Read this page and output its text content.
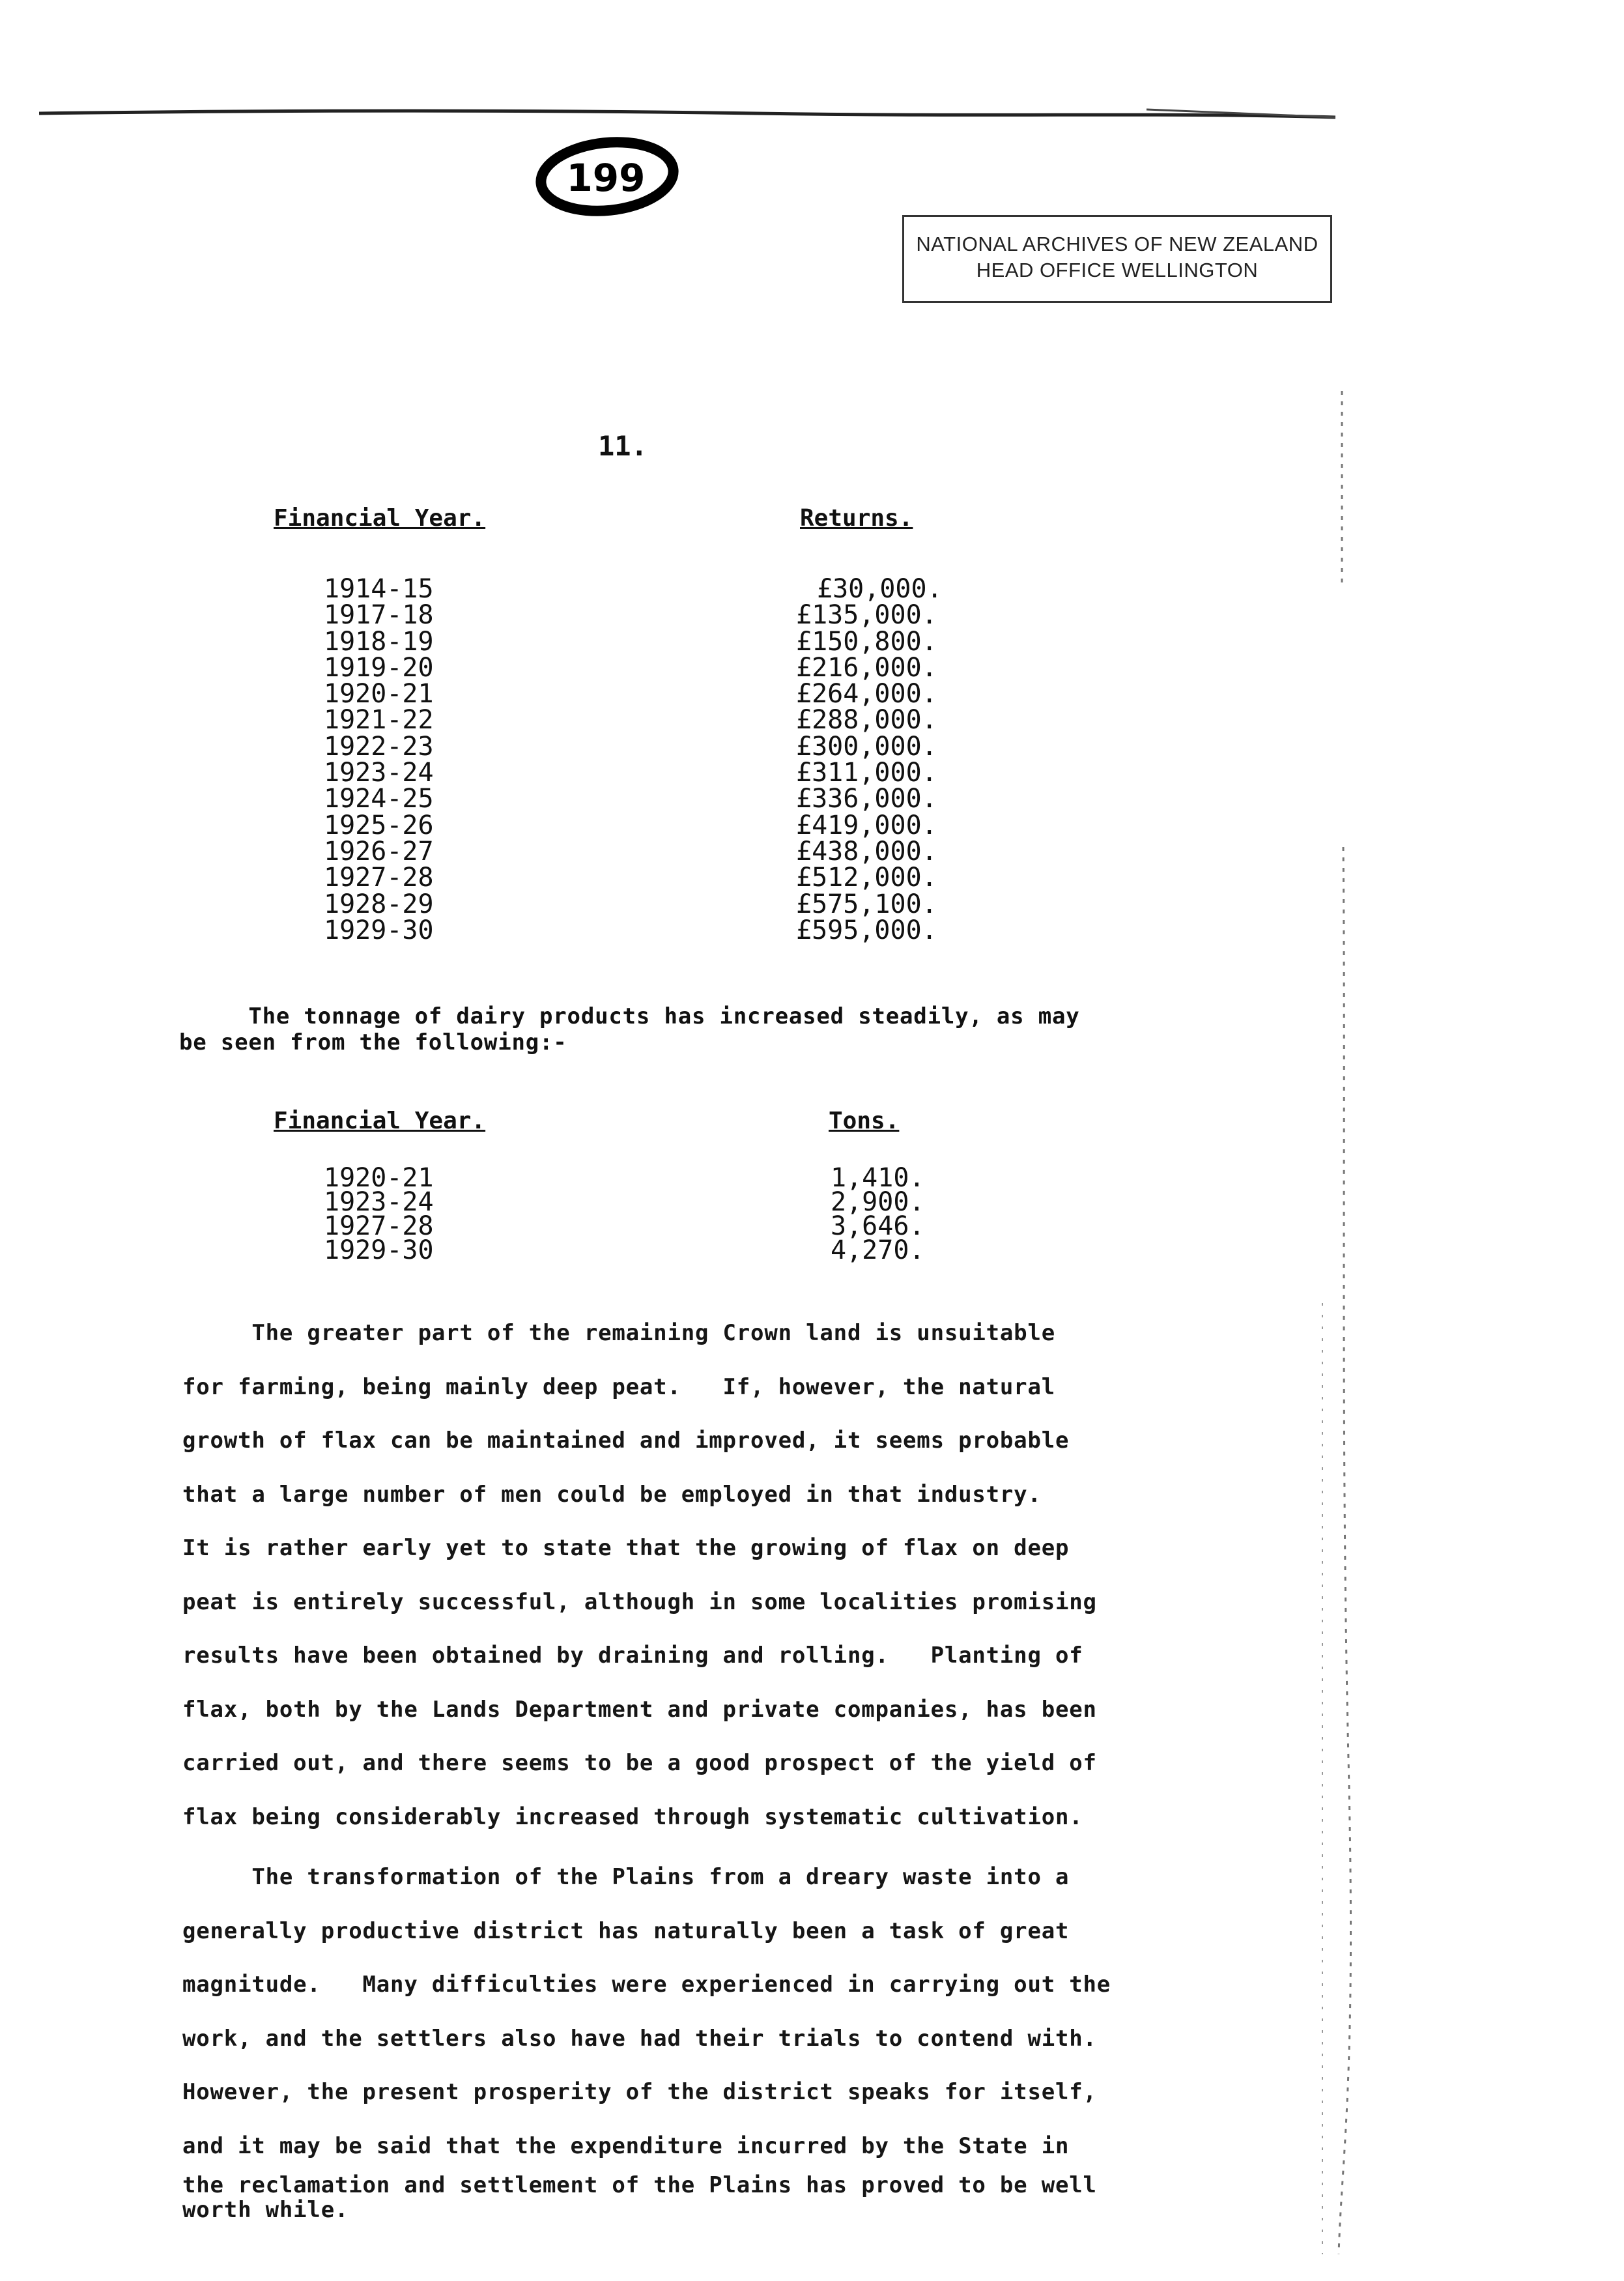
199
NATIONAL ARCHIVES OF NEW ZEALAND
HEAD OFFICE WELLINGTON
11.
Financial Year.	Returns.
1914-15
1917-18
1918-19
1919-20
1920-21
1921-22
1922-23
1923-24
1924-25
1925-26
1926-27
1927-28
1928-29
1929-30
£30,000.
£135,000.
£150,800.
£216,000.
£264,000.
£288,000.
£300,000.
£311,000.
£336,000.
£419,000.
£438,000.
£512,000.
£575,100.
£595,000.
The tonnage of dairy products has increased steadily, as may
be seen from the following:-
Financial Year.	Tons.
1920-21
1923-24
1927-28
1929-30
1,410.
2,900.
3,646.
4,270.
The greater part of the remaining Crown land is unsuitable
for farming, being mainly deep peat.   If, however, the natural
growth of flax can be maintained and improved, it seems probable
that a large number of men could be employed in that industry.
It is rather early yet to state that the growing of flax on deep
peat is entirely successful, although in some localities promising
results have been obtained by draining and rolling.   Planting of
flax, both by the Lands Department and private companies, has been
carried out, and there seems to be a good prospect of the yield of
flax being considerably increased through systematic cultivation.
The transformation of the Plains from a dreary waste into a
generally productive district has naturally been a task of great
magnitude.   Many difficulties were experienced in carrying out the
work, and the settlers also have had their trials to contend with.
However, the present prosperity of the district speaks for itself,
and it may be said that the expenditure incurred by the State in
the reclamation and settlement of the Plains has proved to be well
worth while.
